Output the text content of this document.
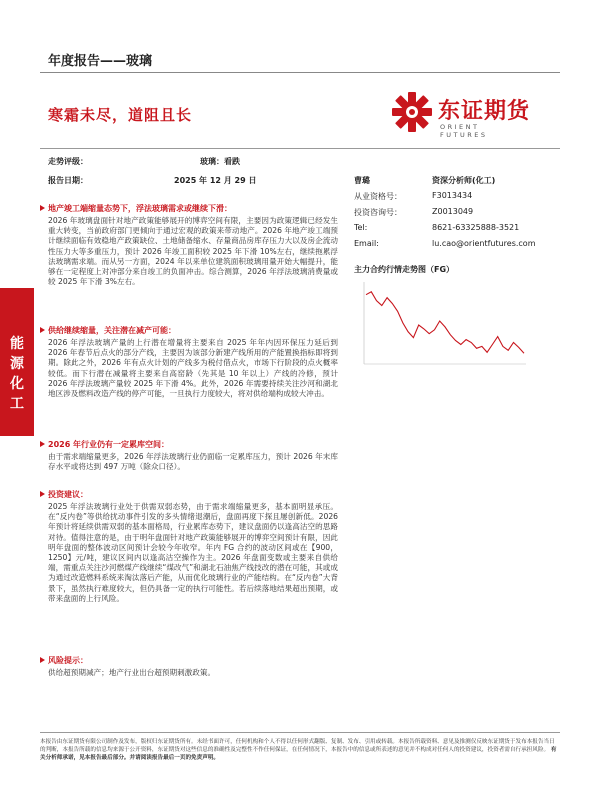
年度报告——玻璃
寒霜未尽，道阻且长	东证期货
ORIENT FUTURES
走势评级：	玻璃：看跌
报告日期：	2025 年 12 月 29 日	曹璐	资深分析师(化工)
从业资格号：	F3013434
投资咨询号：	Z0013049
Tel:	8621-63325888-3521
Email:	lu.cao@orientfutures.com
主力合约行情走势图（FG）
能源化工
地产竣工端缩量态势下，浮法玻璃需求或继续下滑：
2026 年玻璃盘面针对地产政策能够展开的博弈空间有限，主要因为政策逻辑已经发生重大转变，当前政府部门更倾向于通过宏观的政策来带动地产。2026 年地产竣工端预计继续面临有效稳地产政策缺位、土地储备缩水、存量商品房库存压力大以及房企流动性压力大等多重压力，预计 2026 年竣工面积较 2025 年下滑 10%左右，继续拖累浮法玻璃需求端。而从另一方面，2024 年以来单位建筑面积玻璃用量开始大幅提升，能够在一定程度上对冲部分来自竣工的负面冲击。综合测算，2026 年浮法玻璃消费量或较 2025 年下滑 3%左右。
供给继续缩量，关注潜在减产可能：
2026 年浮法玻璃产量的上行潜在增量将主要来自 2025 年年内因环保压力延后到 2026 年春节后点火的部分产线，主要因为该部分新建产线所用的产能置换指标即将到期。除此之外，2026 年有点火计划的产线多为税付借点火，市场下行阶段的点火概率较低。而下行潜在减量将主要来自高窑龄（先其是 10 年以上）产线的冷修，预计 2026 年浮法玻璃产量较 2025 年下滑 4%。此外，2026 年需要持续关注沙河和湖北地区涉及燃料改造产线的停产可能，一旦执行力度较大，将对供给端构成较大冲击。
2026 年行业仍有一定累库空间：
由于需求端缩量更多，2026 年浮法玻璃行业仍面临一定累库压力，预计 2026 年末库存水平或将达到 497 万吨（除众口径）。
投资建议：
2025 年浮法玻璃行业处于供需双弱态势，由于需求端缩量更多，基本面明显承压。在“反内卷”等供给扰动事件引发的多头情绪退潮后，盘面再度下探且屡创新低。2026 年预计将延续供需双弱的基本面格局，行业累库态势下，建议盘面仍以逢高沽空的思路对待。值得注意的是，由于明年盘面针对地产政策能够展开的博弈空间预计有限，因此明年盘面的整体波动区间预计会较今年收窄。年内 FG 合约的波动区间或在【900，1250】元/吨，建议区间内以逢高沽空操作为主。2026 年盘面变数或主要来自供给端，需重点关注沙河燃煤产线继续“煤改气”和湖北石油焦产线技改的潜在可能，其或成为通过改造燃料系统来淘汰落后产能，从而优化玻璃行业的产能结构。在“反内卷”大背景下，虽然执行难度较大，但仍具备一定的执行可能性。若后续落地结果超出预期，或带来盘面的上行风险。
风险提示：
供给超预期减产；地产行业出台超预期刺激政策。
本报告由东证期货有限公司制作及发布，版权归东证期货所有。未经书面许可，任何机构和个人不得以任何形式翻版、复制、发布、引用或转载。本报告所载资料、意见及推测仅反映东证期货于发布本报告当日的判断，本报告所载的信息均来源于公开资料，东证期货对这些信息的准确性及完整性不作任何保证，在任何情况下，本报告中的信息或所表述的意见并不构成对任何人的投资建议，投资者需自行承担风险。 有关分析师承诺，见本报告最后部分。并请阅读报告最后一页的免责声明。
